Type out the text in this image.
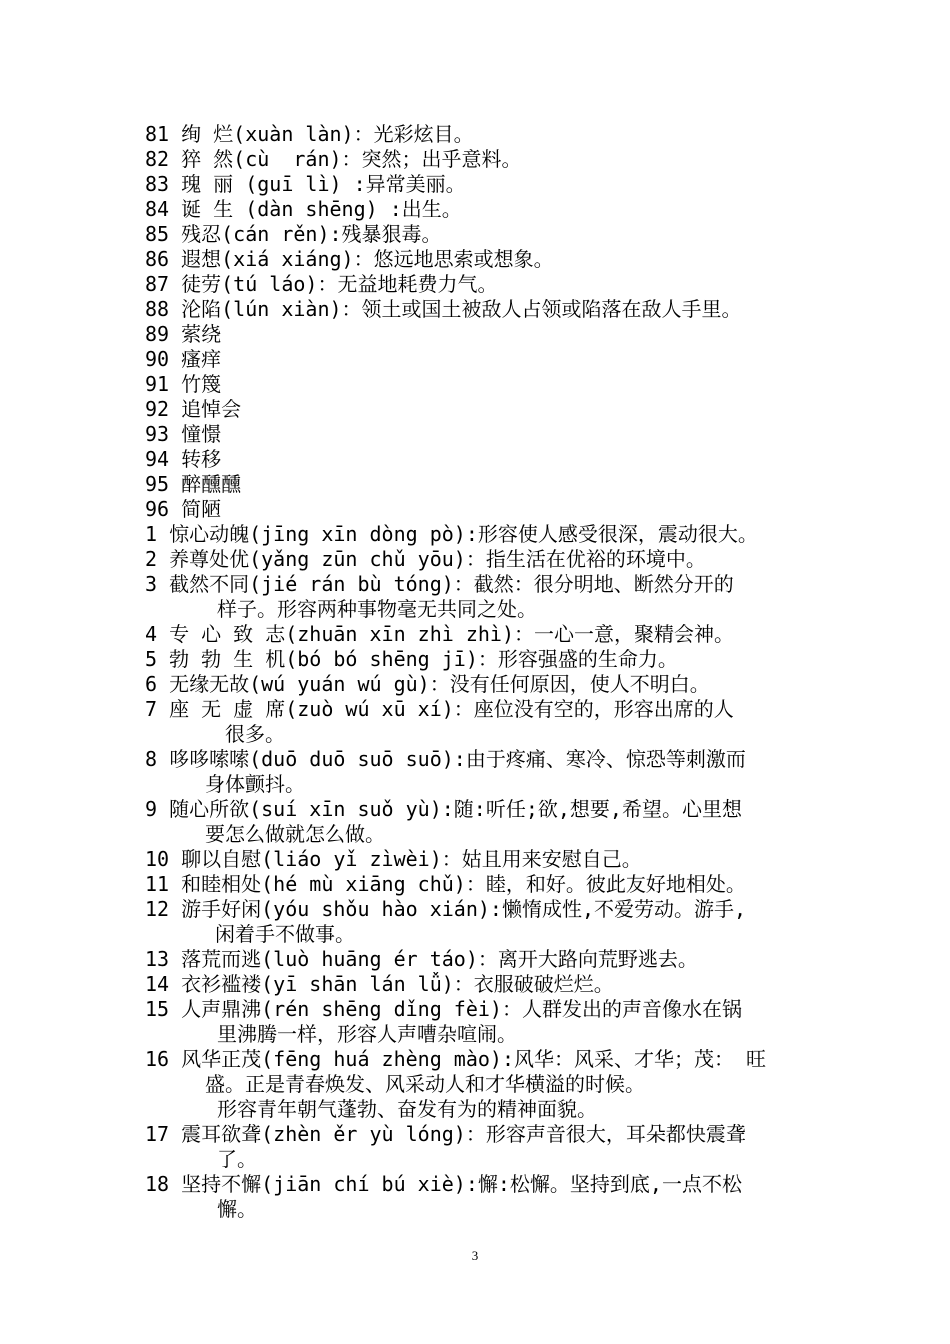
81 绚 烂(xuàn làn)：光彩炫目。
82 猝 然(cù  rán)：突然；出乎意料。
83 瑰 丽 (guī lì) :异常美丽。
84 诞 生 (dàn shēng) :出生。
85 残忍(cán rěn):残暴狠毒。
86 遐想(xiá xiáng)：悠远地思索或想象。
87 徒劳(tú láo)：无益地耗费力气。
88 沦陷(lún xiàn)：领土或国土被敌人占领或陷落在敌人手里。
89 萦绕
90 瘙痒
91 竹篾
92 追悼会
93 憧憬
94 转移
95 醉醺醺
96 简陋
1 惊心动魄(jīng xīn dòng pò):形容使人感受很深，震动很大。
2 养尊处优(yǎng zūn chǔ yōu)：指生活在优裕的环境中。
3 截然不同(jié rán bù tóng)：截然：很分明地、断然分开的
样子。形容两种事物毫无共同之处。
4 专 心 致 志(zhuān xīn zhì zhì)：一心一意，聚精会神。
5 勃 勃 生 机(bó bó shēng jī)：形容强盛的生命力。
6 无缘无故(wú yuán wú gù)：没有任何原因，使人不明白。
7 座 无 虚 席(zuò wú xū xí)：座位没有空的，形容出席的人
很多。
8 哆哆嗦嗦(duō duō suō suō):由于疼痛、寒冷、惊恐等刺激而
身体颤抖。
9 随心所欲(suí xīn suǒ yù):随:听任;欲,想要,希望。心里想
要怎么做就怎么做。
10 聊以自慰(liáo yǐ zìwèi)：姑且用来安慰自己。
11 和睦相处(hé mù xiāng chǔ)：睦，和好。彼此友好地相处。
12 游手好闲(yóu shǒu hào xián):懒惰成性,不爱劳动。游手,
闲着手不做事。
13 落荒而逃(luò huāng ér táo)：离开大路向荒野逃去。
14 衣衫褴褛(yī shān lán lǚ)：衣服破破烂烂。
15 人声鼎沸(rén shēng dǐng fèi)：人群发出的声音像水在锅
里沸腾一样，形容人声嘈杂喧闹。
16 风华正茂(fēng huá zhèng mào):风华：风采、才华；茂： 旺
盛。正是青春焕发、风采动人和才华横溢的时候。
形容青年朝气蓬勃、奋发有为的精神面貌。
17 震耳欲聋(zhèn ěr yù lóng)：形容声音很大，耳朵都快震聋
了。
18 坚持不懈(jiān chí bú xiè):懈:松懈。坚持到底,一点不松
懈。
3
